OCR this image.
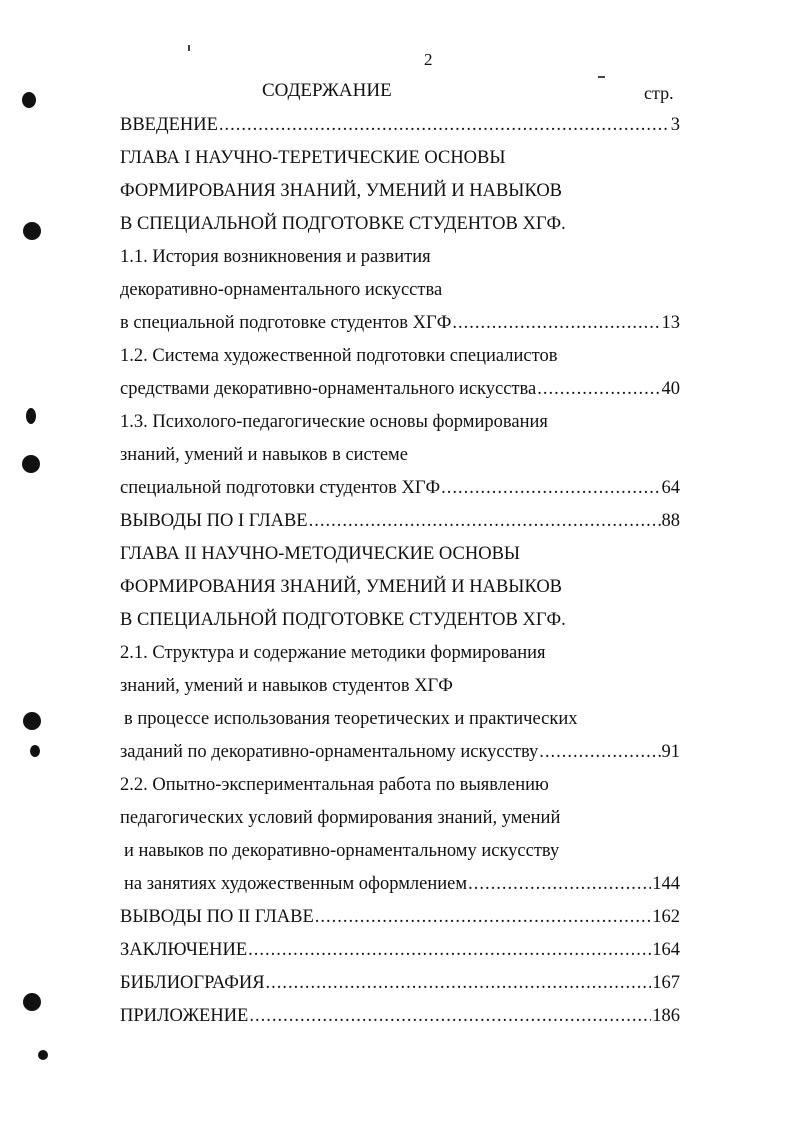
2
СОДЕРЖАНИЕ	стр.
ВВЕДЕНИЕ .....	3
ГЛАВА I НАУЧНО-ТЕРЕТИЧЕСКИЕ ОСНОВЫ
ФОРМИРОВАНИЯ ЗНАНИЙ, УМЕНИЙ И НАВЫКОВ
В СПЕЦИАЛЬНОЙ ПОДГОТОВКЕ СТУДЕНТОВ ХГФ.
1.1. История возникновения и развития
декоративно-орнаментального искусства
в специальной подготовке студентов ХГФ .....	13
1.2. Система художественной подготовки специалистов
средствами декоративно-орнаментального искусства .....	40
1.3. Психолого-педагогические основы формирования
знаний, умений и навыков в системе
специальной подготовки студентов ХГФ .....	64
ВЫВОДЫ ПО I ГЛАВЕ .....	88
ГЛАВА II НАУЧНО-МЕТОДИЧЕСКИЕ ОСНОВЫ
ФОРМИРОВАНИЯ ЗНАНИЙ, УМЕНИЙ И НАВЫКОВ
В СПЕЦИАЛЬНОЙ ПОДГОТОВКЕ СТУДЕНТОВ ХГФ.
2.1. Структура и содержание методики формирования
знаний, умений и навыков студентов ХГФ
в процессе использования теоретических и практических
заданий по декоративно-орнаментальному искусству .....	91
2.2. Опытно-экспериментальная работа по выявлению
педагогических условий формирования знаний, умений
и навыков по декоративно-орнаментальному искусству
на занятиях художественным оформлением .....	144
ВЫВОДЫ ПО II ГЛАВЕ .....	162
ЗАКЛЮЧЕНИЕ .....	164
БИБЛИОГРАФИЯ .....	167
ПРИЛОЖЕНИЕ .....	186
